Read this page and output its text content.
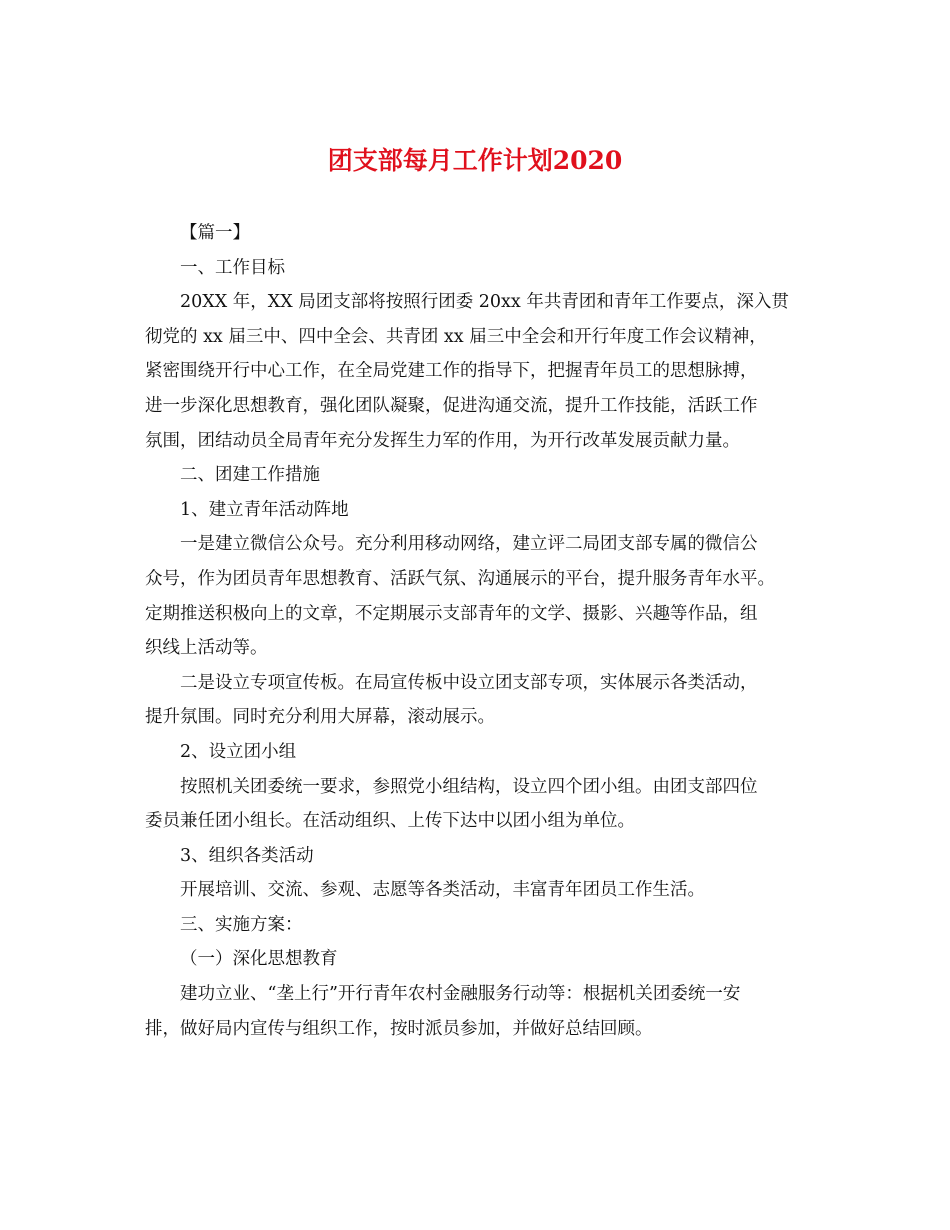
团支部每月工作计划2020

【篇一】

一、工作目标

20XX 年，XX 局团支部将按照行团委 20xx 年共青团和青年工作要点，深入贯

彻党的 xx 届三中、四中全会、共青团 xx 届三中全会和开行年度工作会议精神，

紧密围绕开行中心工作，在全局党建工作的指导下，把握青年员工的思想脉搏，

进一步深化思想教育，强化团队凝聚，促进沟通交流，提升工作技能，活跃工作

氛围，团结动员全局青年充分发挥生力军的作用，为开行改革发展贡献力量。

二、团建工作措施

1、建立青年活动阵地

一是建立微信公众号。充分利用移动网络，建立评二局团支部专属的微信公

众号，作为团员青年思想教育、活跃气氛、沟通展示的平台，提升服务青年水平。

定期推送积极向上的文章，不定期展示支部青年的文学、摄影、兴趣等作品，组

织线上活动等。

二是设立专项宣传板。在局宣传板中设立团支部专项，实体展示各类活动，

提升氛围。同时充分利用大屏幕，滚动展示。

2、设立团小组

按照机关团委统一要求，参照党小组结构，设立四个团小组。由团支部四位

委员兼任团小组长。在活动组织、上传下达中以团小组为单位。

3、组织各类活动

开展培训、交流、参观、志愿等各类活动，丰富青年团员工作生活。

三、实施方案：

（一）深化思想教育

建功立业、“垄上行”开行青年农村金融服务行动等：根据机关团委统一安

排，做好局内宣传与组织工作，按时派员参加，并做好总结回顾。
